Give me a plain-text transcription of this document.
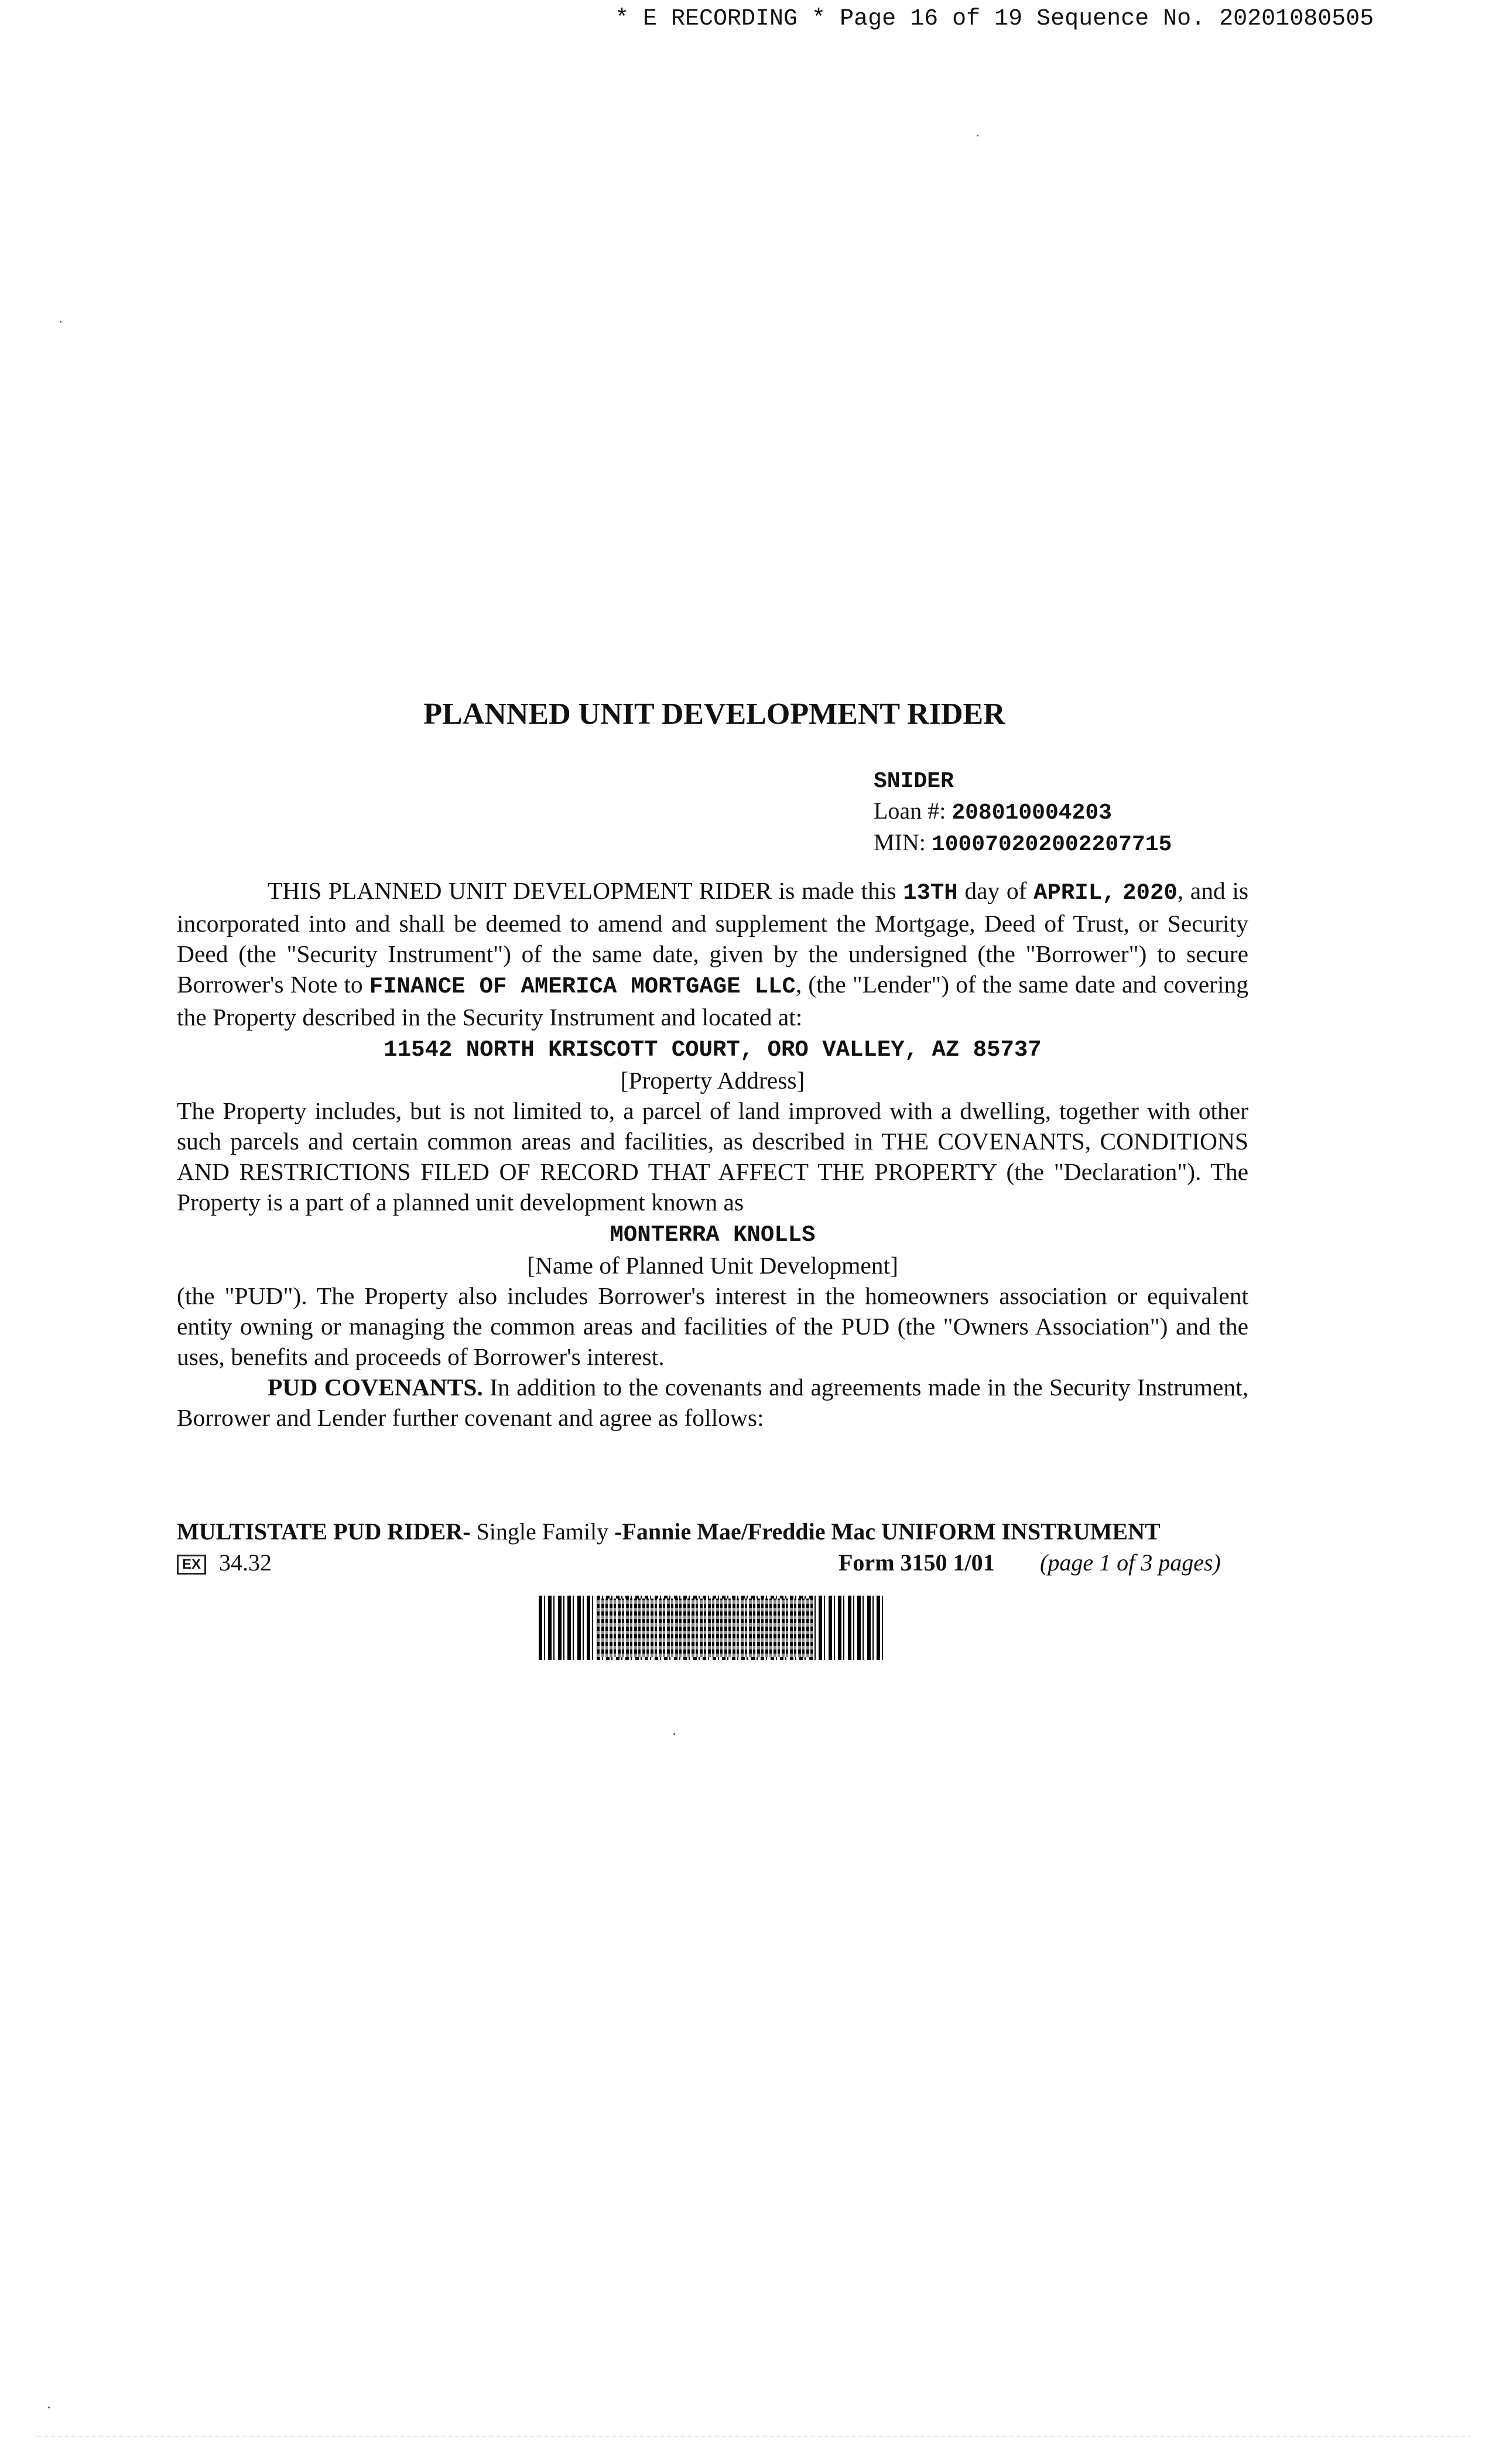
* E RECORDING * Page 16 of 19 Sequence No. 20201080505
PLANNED UNIT DEVELOPMENT RIDER
SNIDER
Loan #: 208010004203
MIN: 100070202002207715

THIS PLANNED UNIT DEVELOPMENT RIDER is made this 13TH day of APRIL, 2020, and is incorporated into and shall be deemed to amend and supplement the Mortgage, Deed of Trust, or Security Deed (the "Security Instrument") of the same date, given by the undersigned (the "Borrower") to secure Borrower's Note to FINANCE OF AMERICA MORTGAGE LLC, (the "Lender") of the same date and covering the Property described in the Security Instrument and located at:

11542 NORTH KRISCOTT COURT, ORO VALLEY, AZ 85737

[Property Address]

The Property includes, but is not limited to, a parcel of land improved with a dwelling, together with other such parcels and certain common areas and facilities, as described in THE COVENANTS, CONDITIONS AND RESTRICTIONS FILED OF RECORD THAT AFFECT THE PROPERTY (the "Declaration"). The Property is a part of a planned unit development known as

MONTERRA KNOLLS

[Name of Planned Unit Development]

(the "PUD"). The Property also includes Borrower's interest in the homeowners association or equivalent entity owning or managing the common areas and facilities of the PUD (the "Owners Association") and the uses, benefits and proceeds of Borrower's interest.

PUD COVENANTS. In addition to the covenants and agreements made in the Security Instrument, Borrower and Lender further covenant and agree as follows:

MULTISTATE PUD RIDER- Single Family -Fannie Mae/Freddie Mac UNIFORM INSTRUMENT
EX 34.32	Form 3150 1/01 (page 1 of 3 pages)
